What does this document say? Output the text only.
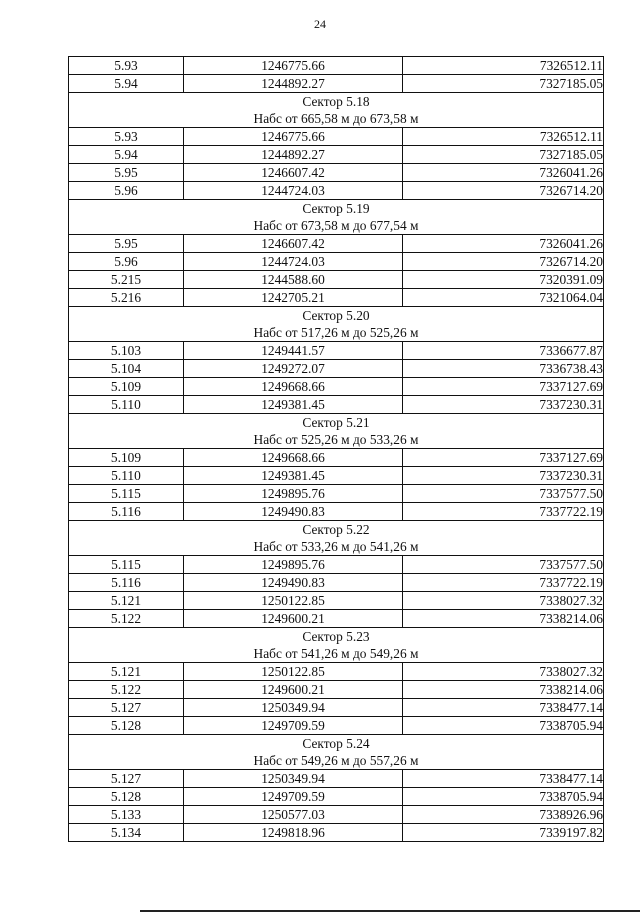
24
5.93	1246775.66	7326512.11
5.94	1244892.27	7327185.05
Сектор 5.18		
Набс от 665,58 м до 673,58 м		
5.93	1246775.66	7326512.11
5.94	1244892.27	7327185.05
5.95	1246607.42	7326041.26
5.96	1244724.03	7326714.20
Сектор 5.19		
Набс от 673,58 м до 677,54 м		
5.95	1246607.42	7326041.26
5.96	1244724.03	7326714.20
5.215	1244588.60	7320391.09
5.216	1242705.21	7321064.04
Сектор 5.20		
Набс от 517,26 м до 525,26 м		
5.103	1249441.57	7336677.87
5.104	1249272.07	7336738.43
5.109	1249668.66	7337127.69
5.110	1249381.45	7337230.31
Сектор 5.21		
Набс от 525,26 м до 533,26 м		
5.109	1249668.66	7337127.69
5.110	1249381.45	7337230.31
5.115	1249895.76	7337577.50
5.116	1249490.83	7337722.19
Сектор 5.22		
Набс от 533,26 м до 541,26 м		
5.115	1249895.76	7337577.50
5.116	1249490.83	7337722.19
5.121	1250122.85	7338027.32
5.122	1249600.21	7338214.06
Сектор 5.23		
Набс от 541,26 м до 549,26 м		
5.121	1250122.85	7338027.32
5.122	1249600.21	7338214.06
5.127	1250349.94	7338477.14
5.128	1249709.59	7338705.94
Сектор 5.24		
Набс от 549,26 м до 557,26 м		
5.127	1250349.94	7338477.14
5.128	1249709.59	7338705.94
5.133	1250577.03	7338926.96
5.134	1249818.96	7339197.82
